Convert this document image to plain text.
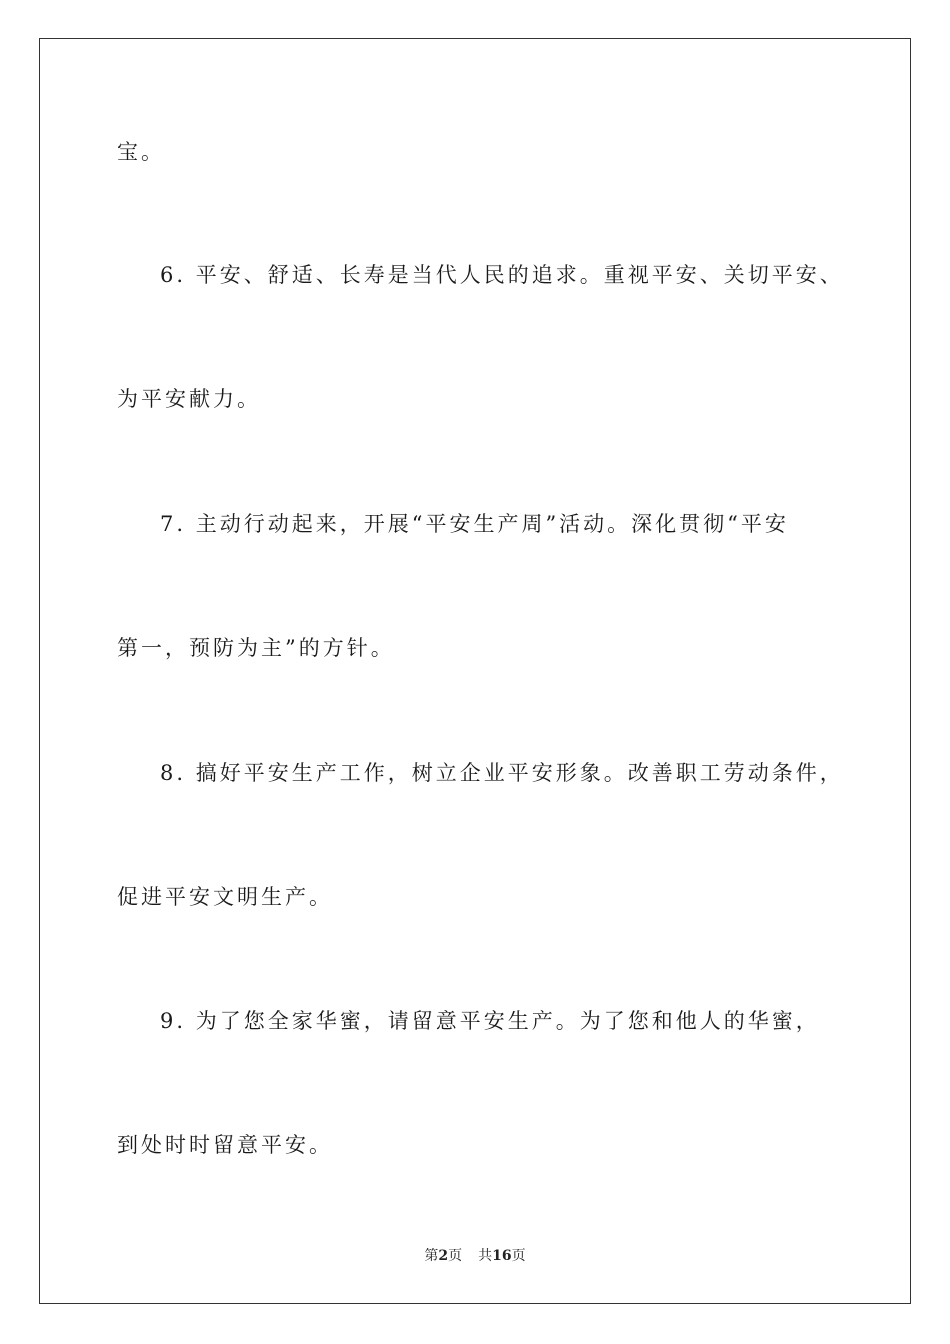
宝。
6. 平安、舒适、长寿是当代人民的追求。重视平安、关切平安、
为平安献力。
7. 主动行动起来，开展“平安生产周”活动。深化贯彻“平安
第一，预防为主”的方针。
8. 搞好平安生产工作，树立企业平安形象。改善职工劳动条件，
促进平安文明生产。
9. 为了您全家华蜜，请留意平安生产。为了您和他人的华蜜，
到处时时留意平安。
第2页 共16页
